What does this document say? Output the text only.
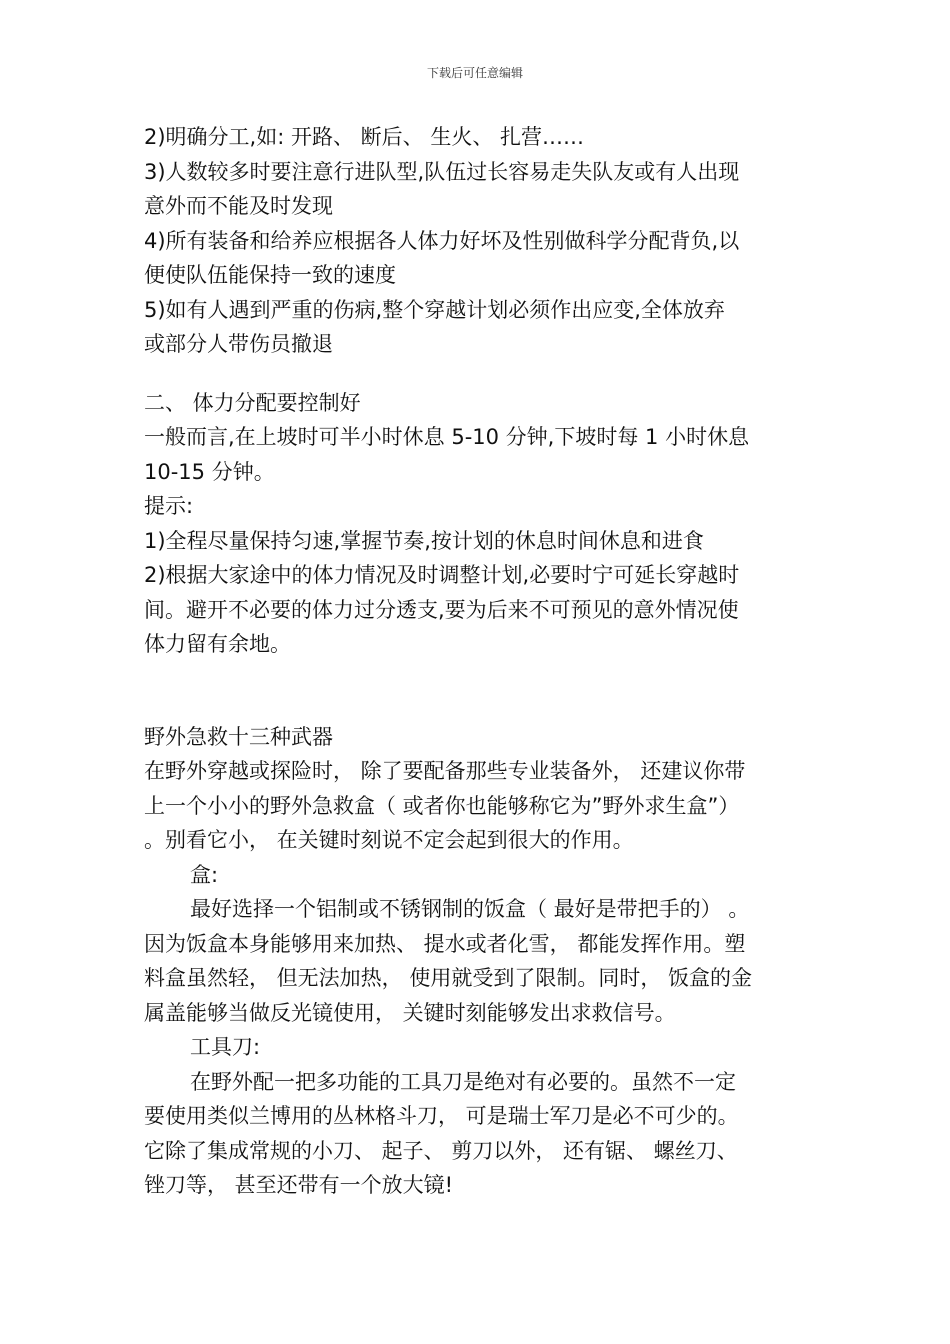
下载后可任意编辑
2)明确分工,如: 开路、 断后、 生火、 扎营……
3)人数较多时要注意行进队型,队伍过长容易走失队友或有人出现
意外而不能及时发现
4)所有装备和给养应根据各人体力好坏及性别做科学分配背负,以
便使队伍能保持一致的速度
5)如有人遇到严重的伤病,整个穿越计划必须作出应变,全体放弃
或部分人带伤员撤退
二、 体力分配要控制好
一般而言,在上坡时可半小时休息 5-10 分钟,下坡时每 1 小时休息
10-15 分钟。
提示:
1)全程尽量保持匀速,掌握节奏,按计划的休息时间休息和进食
2)根据大家途中的体力情况及时调整计划,必要时宁可延长穿越时
间。避开不必要的体力过分透支,要为后来不可预见的意外情况使
体力留有余地。
野外急救十三种武器
在野外穿越或探险时， 除了要配备那些专业装备外， 还建议你带
上一个小小的野外急救盒（ 或者你也能够称它为”野外求生盒”）
。别看它小， 在关键时刻说不定会起到很大的作用。
盒:
最好选择一个铝制或不锈钢制的饭盒（ 最好是带把手的） 。
因为饭盒本身能够用来加热、 提水或者化雪， 都能发挥作用。塑
料盒虽然轻， 但无法加热， 使用就受到了限制。同时， 饭盒的金
属盖能够当做反光镜使用， 关键时刻能够发出求救信号。
工具刀:
在野外配一把多功能的工具刀是绝对有必要的。虽然不一定
要使用类似兰博用的丛林格斗刀， 可是瑞士军刀是必不可少的。
它除了集成常规的小刀、 起子、 剪刀以外， 还有锯、 螺丝刀、
锉刀等， 甚至还带有一个放大镜!
